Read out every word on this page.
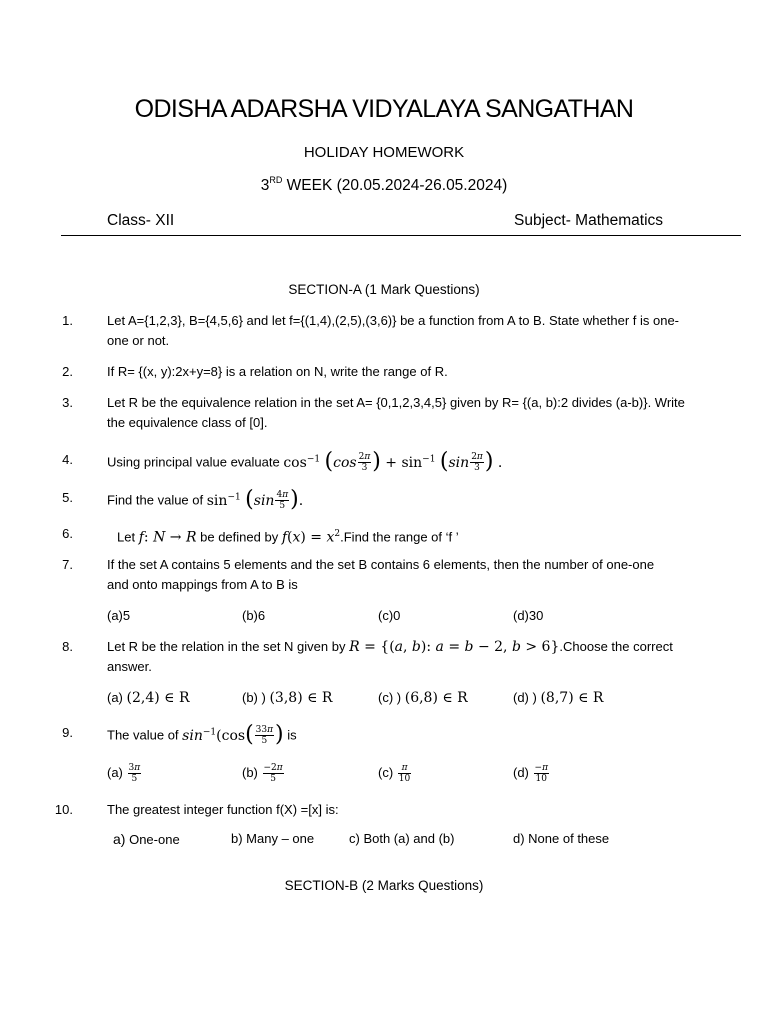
ODISHA ADARSHA VIDYALAYA SANGATHAN
HOLIDAY HOMEWORK
3RD WEEK (20.05.2024-26.05.2024)
Class- XII	Subject- Mathematics
SECTION-A (1 Mark Questions)
1.	Let A={1,2,3}, B={4,5,6} and let f={(1,4),(2,5),(3,6)} be a function from A to B. State whether f is one-
one or not.
2.	If R= {(x, y):2x+y=8} is a relation on N, write the range of R.
3.	Let R be the equivalence relation in the set A= {0,1,2,3,4,5} given by R= {(a, b):2 divides (a-b)}. Write
the equivalence class of [0].
4.	Using principal value evaluate $\cos^{-1} (\cos \frac{2\pi}{3}$ ) + $\sin^{-1} (\sin \frac{2\pi}{3}$ ) .
5.	Find the value of $\sin^{-1} (\sin \frac{4\pi}{5}$ ).
6.	Let f: N → R be defined by $f(x) = x^2.Find$ the range of ‘f ’
7.	If the set A contains 5 elements and the set B contains 6 elements, then the number of one-one
and onto mappings from A to B is
(a)5	(b)6	(c)0	(d)30
8.	Let R be the relation in the set N given by R = {(a, b): a = b − 2, b > 6}.Choose the correct
answer.
(a) (2,4) ∈ R	(b) ) (3,8) ∈ R	(c) ) (6,8) ∈ R	(d) ) (8,7) ∈ R
9.	The value of $\sin^{-1}(\cos( \frac{33\pi}{5}$ ) is
$(a) \frac{3\pi}{5}$	$(b) \frac{-2\pi}{5}$	$(c) \frac{\pi}{10}$	$(d) \frac{-\pi}{10}$
10.	The greatest integer function f(X) =[x] is:
a) One-one	b) Many – one	c) Both (a) and (b)	d) None of these
SECTION-B (2 Marks Questions)
